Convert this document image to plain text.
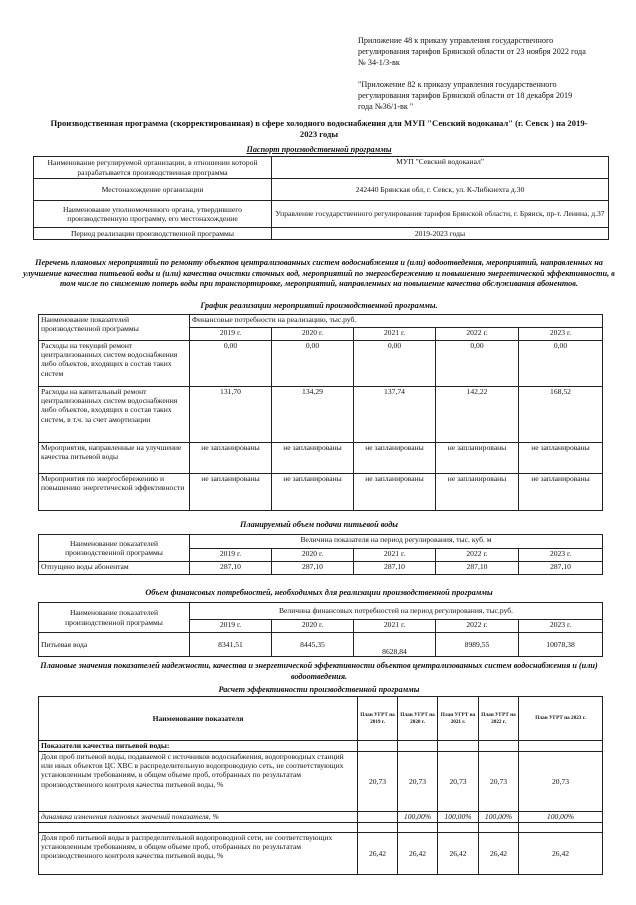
Приложение 48 к приказу управления государственного
регулирования тарифов Брянской области от 23 ноября 2022 года
№ 34-1/3-вк
"Приложение 82 к приказу управления государственного
регулирования тарифов Брянской области от 18 декабря 2019
года №36/1-вк "
Производственная программа (скорректированная) в сфере холодного водоснабжения для МУП "Севский водоканал" (г. Севск ) на 2019-
2023 годы
Паспорт производственной программы
Наименование регулируемой организации, в отношении которой разрабатывается производственная программа	МУП "Севский водоканал"
Местонахождение организации	242440 Брянская обл, г. Севск, ул. К-Либкнехта д.30
Наименование уполномоченного органа, утвердившего производственную программу, его местонахождение	Управление государственного регулирования тарифов Брянской области, г. Брянск, пр-т. Ленина, д.37
Период реализации производственной программы	2019-2023 годы
Перечень плановых мероприятий по ремонту объектов централизованных систем водоснабжения и (или) водоотведения, мероприятий, направленных на улучшение качества питьевой воды и (или) качества очистки сточных вод, мероприятий по энергосбережению и повышению энергетической эффективности, в том числе по снижению потерь воды при транспортировке, мероприятий, направленных на повышение качества обслуживания абонентов.
График реализации мероприятий производственной программы.
Наименование показателей производственной программы	Финансовые потребности на реализацию, тыс.руб.				
	2019 г.	2020 г.	2021 г.	2022 г.	2023 г.
Расходы на текущий ремонт централизованных систем водоснабжения либо объектов, входящих в состав таких систем	0,00	0,00	0,00	0,00	0,00
Расходы на капитальный ремонт централизованных систем водоснабжения либо объектов, входящих в состав таких систем, в т.ч. за счет амортизации	131,70	134,29	137,74	142,22	168,52
Мероприятия, направленные на улучшение качества питьевой воды	не запланированы	не запланированы	не запланированы	не запланированы	не запланированы
Мероприятия по энергосбережению и повышению энергетической эффективности	не запланированы	не запланированы	не запланированы	не запланированы	не запланированы
Планируемый объем подачи питьевой воды
Наименование показателей производственной программы	Величина показателя на период регулирования, тыс. куб. м				
	2019 г.	2020 г.	2021 г.	2022 г.	2023 г.
Отпущено воды абонентам	287,10	287,10	287,10	287,10	287,10
Объем финансовых потребностей, необходимых для реализации производственной программы
Наименование показателей производственной программы	Величина финансовых потребностей на период регулирования, тыс.руб.				
	2019 г.	2020 г.	2021 г.	2022 г.	2023 г.
Питьевая вода	8341,51	8445,35	8628,84	8989,55	10078,38
Плановые значения показателей надежности, качества и энергетической эффективности объектов централизованных систем водоснабжения и (или) водоотведения.
Расчет эффективности производственной программы
Наименование показателя	План УГРТ на 2019 г.	План УГРТ на 2020 г.	План УГРТ на 2021 г.	План УГРТ на 2022 г.	План УГРТ на 2023 г.
Показатели качества питьевой воды:					
Доля проб питьевой воды, подаваемой с источников водоснабжения, водопроводных станций или иных объектов ЦС ХВС в распределительную водопроводную сеть, не соответствующих установленным требованиям, в общем объеме проб, отобранных по результатам производственного контроля качества питьевой воды, %	20,73	20,73	20,73	20,73	20,73
динамика изменения плановых значений показателя, %		100,00%	100,00%	100,00%	100,00%

Доля проб питьевой воды в распределительной водопроводной сети, не соответствующих установленным требованиям, в общем объеме проб, отобранных по результатам производственного контроля качества питьевой воды, %	26,42	26,42	26,42	26,42	26,42
